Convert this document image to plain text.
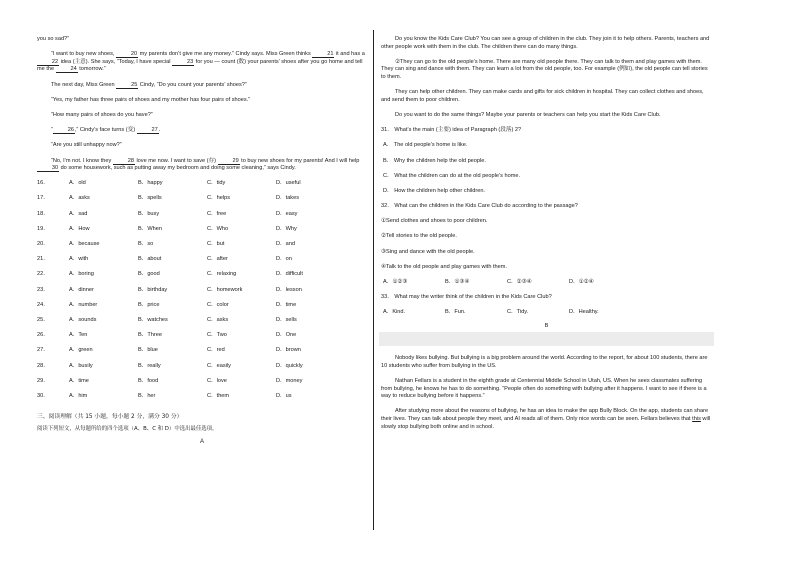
you so sad?”

“I want to buy new shoes,	20 my parents don’t give me any money.” Cindy says. Miss Green thinks	21 it and has a 22 idea (主意). She says, “Today, I have special	23 for you — count (数) your parents’ shoes after you go home and tell me the	24 tomorrow.”

The next day, Miss Green	25 Cindy, “Do you count your parents’ shoes?”

“Yes, my father has three pairs of shoes and my mother has four pairs of shoes.”

“How many pairs of shoes do you have?”

“	26,” Cindy’s face turns (变)	27.

“Are you still unhappy now?”

“No, I’m not. I know they	28 love me now. I want to save (存)	29 to buy new shoes for my parents! And I will help 30 do some housework, such as putting away my bedroom and doing some cleaning,” says Cindy.

16．	A．old	B．happy	C．tidy	D．useful
17．	A．asks	B．spells	C．helps	D．takes
18．	A．sad	B．busy	C．free	D．easy
19．	A．How	B．When	C．Who	D．Why
20．	A．because	B．so	C．but	D．and
21．	A．with	B．about	C．after	D．on
22．	A．boring	B．good	C．relaxing	D．difficult
23．	A．dinner	B．birthday	C．homework	D．lesson
24．	A．number	B．price	C．color	D．time
25．	A．sounds	B．watches	C．asks	D．sells
26．	A．Ten	B．Three	C．Two	D．One
27．	A．green	B．blue	C．red	D．brown
28．	A．busily	B．really	C．easily	D．quickly
29．	A．time	B．food	C．love	D．money
30．	A．him	B．her	C．them	D．us
三、阅读理解（共 15 小题，每小题 2 分，满分 30 分）
阅读下列短文，从每题所给的四个选项（A、B、C 和 D）中选出最佳选项。
A

Do you know the Kids Care Club? You can see a group of children in the club. They join it to help others. Parents, teachers and other people work with them in the club. The children there can do many things.

②They can go to the old people’s home. There are many old people there. They can talk to them and play games with them. They can sing and dance with them. They can learn a lot from the old people, too. For example (例如), the old people can tell stories to them.

They can help other children. They can make cards and gifts for sick children in hospital. They can collect clothes and shoes, and send them to poor children.

Do you want to do the same things? Maybe your parents or teachers can help you start the Kids Care Club.

31． What’s the main (主要) idea of Paragraph (段落) 2?
A． The old people’s home is like.
B． Why the children help the old people.
C． What the children can do at the old people’s home.
D． How the children help other children.
32． What can the children in the Kids Care Club do according to the passage?
①Send clothes and shoes to poor children.
②Tell stories to the old people.
③Sing and dance with the old people.
④Talk to the old people and play games with them.
A．①②③	B．①③④	C．②③④	D．①②④
33． What may the writer think of the children in the Kids Care Club?
A．Kind.	B．Fun.	C．Tidy.	D．Healthy.
B

Nobody likes bullying. But bullying is a big problem around the world. According to the report, for about 100 students, there are 10 students who suffer from bullying in the US.

Nathan Fellars is a student in the eighth grade at Centennial Middle School in Utah, US. When he sees classmates suffering from bullying, he knows he has to do something. “People often do something with bullying after it happens. I want to see if there is a way to reduce bullying before it happens.”

After studying more about the reasons of bullying, he has an idea to make the app Bully Block. On the app, students can share their lives. They can talk about people they meet, and AI reads all of them. Only nice words can be seen. Fellars believes that this will slowly stop bullying both online and in school.
